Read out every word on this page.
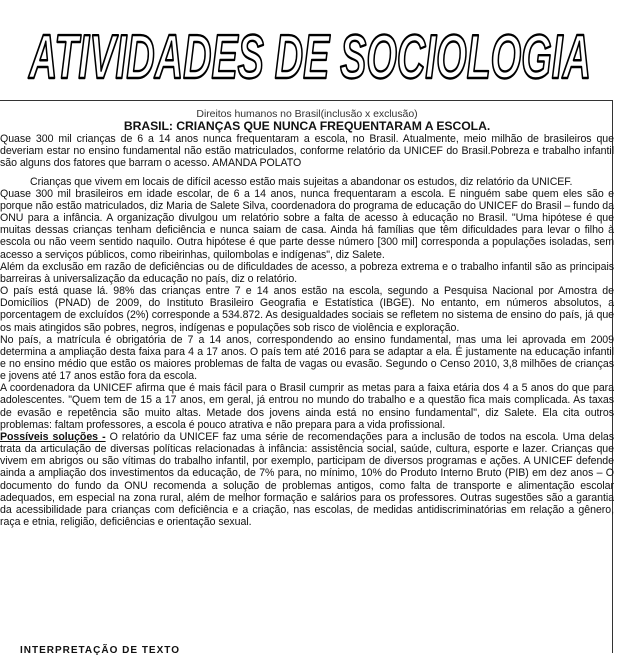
ATIVIDADES DE SOCIOLOGIA

Direitos humanos no Brasil(inclusão x exclusão)

BRASIL: CRIANÇAS QUE NUNCA FREQUENTARAM A ESCOLA.

Quase 300 mil crianças de 6 a 14 anos nunca frequentaram a escola, no Brasil. Atualmente, meio milhão de brasileiros que deveriam estar no ensino fundamental não estão matriculados, conforme relatório da UNICEF do Brasil.Pobreza e trabalho infantil são alguns dos fatores que barram o acesso. AMANDA POLATO

Crianças que vivem em locais de difícil acesso estão mais sujeitas a abandonar os estudos, diz relatório da UNICEF.

Quase 300 mil brasileiros em idade escolar, de 6 a 14 anos, nunca frequentaram a escola. E ninguém sabe quem eles são e porque não estão matriculados, diz Maria de Salete Silva, coordenadora do programa de educação do UNICEF do Brasil – fundo da ONU para a infância. A organização divulgou um relatório sobre a falta de acesso à educação no Brasil. "Uma hipótese é que muitas dessas crianças tenham deficiência e nunca saiam de casa. Ainda há famílias que têm dificuldades para levar o filho à escola ou não veem sentido naquilo. Outra hipótese é que parte desse número [300 mil] corresponda a populações isoladas, sem acesso a serviços públicos, como ribeirinhas, quilombolas e indígenas", diz Salete.

Além da exclusão em razão de deficiências ou de dificuldades de acesso, a pobreza extrema e o trabalho infantil são as principais barreiras à universalização da educação no país, diz o relatório.

O país está quase lá. 98% das crianças entre 7 e 14 anos estão na escola, segundo a Pesquisa Nacional por Amostra de Domicílios (PNAD) de 2009, do Instituto Brasileiro Geografia e Estatística (IBGE). No entanto, em números absolutos, a porcentagem de excluídos (2%) corresponde a 534.872. As desigualdades sociais se refletem no sistema de ensino do país, já que os mais atingidos são pobres, negros, indígenas e populações sob risco de violência e exploração.

No país, a matrícula é obrigatória de 7 a 14 anos, correspondendo ao ensino fundamental, mas uma lei aprovada em 2009 determina a ampliação desta faixa para 4 a 17 anos. O país tem até 2016 para se adaptar a ela. É justamente na educação infantil e no ensino médio que estão os maiores problemas de falta de vagas ou evasão. Segundo o Censo 2010, 3,8 milhões de crianças e jovens até 17 anos estão fora da escola.

A coordenadora da UNICEF afirma que é mais fácil para o Brasil cumprir as metas para a faixa etária dos 4 a 5 anos do que para adolescentes. "Quem tem de 15 a 17 anos, em geral, já entrou no mundo do trabalho e a questão fica mais complicada. As taxas de evasão e repetência são muito altas. Metade dos jovens ainda está no ensino fundamental", diz Salete. Ela cita outros problemas: faltam professores, a escola é pouco atrativa e não prepara para a vida profissional.

Possíveis soluções - O relatório da UNICEF faz uma série de recomendações para a inclusão de todos na escola. Uma delas trata da articulação de diversas políticas relacionadas à infância: assistência social, saúde, cultura, esporte e lazer. Crianças que vivem em abrigos ou são vítimas do trabalho infantil, por exemplo, participam de diversos programas e ações. A UNICEF defende ainda a ampliação dos investimentos da educação, de 7% para, no mínimo, 10% do Produto Interno Bruto (PIB) em dez anos – O documento do fundo da ONU recomenda a solução de problemas antigos, como falta de transporte e alimentação escolar adequados, em especial na zona rural, além de melhor formação e salários para os professores. Outras sugestões são a garantia da acessibilidade para crianças com deficiência e a criação, nas escolas, de medidas antidiscriminatórias em relação a gênero, raça e etnia, religião, deficiências e orientação sexual.

INTERPRETAÇÃO DE TEXTO
